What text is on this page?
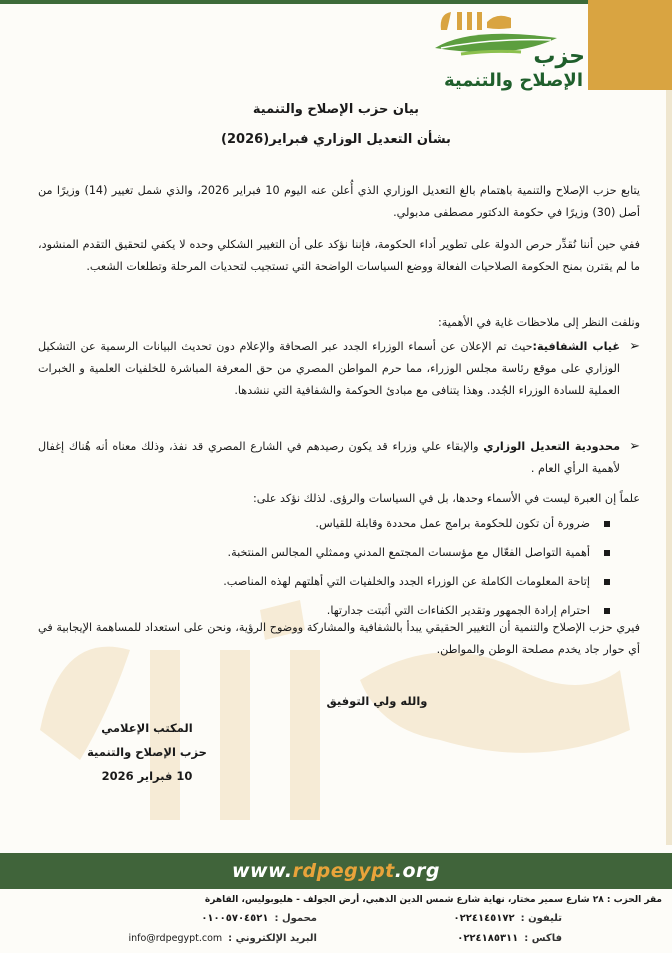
حزب
الإصلاح والتنمية
بيان حزب الإصلاح والتنمية
بشأن التعديل الوزاري فبراير(2026)
يتابع حزب الإصلاح والتنمية باهتمام بالغ التعديل الوزاري الذي أُعلن عنه اليوم 10 فبراير 2026، والذي شمل تغيير (14) وزيرًا من أصل (30) وزيرًا في حكومة الدكتور مصطفى مدبولي.
ففي حين أننا نُقدِّر حرص الدولة على تطوير أداء الحكومة، فإننا نؤكد على أن التغيير الشكلي وحده لا يكفي لتحقيق التقدم المنشود، ما لم يقترن بمنح الحكومة الصلاحيات الفعالة ووضع السياسات الواضحة التي تستجيب لتحديات المرحلة وتطلعات الشعب.
ونلفت النظر إلى ملاحظات غاية في الأهمية:
➢
غياب الشفافية:حيث تم الإعلان عن أسماء الوزراء الجدد عبر الصحافة والإعلام دون تحديث البيانات الرسمية عن التشكيل الوزاري على موقع رئاسة مجلس الوزراء، مما حرم المواطن المصري من حق المعرفة المباشرة للخلفيات العلمية و الخبرات العملية للسادة الوزراء الجُدد. وهذا يتنافى مع مبادئ الحوكمة والشفافية التي ننشدها.
➢
محدودية التعديل الوزاري والإبقاء علي وزراء قد يكون رصيدهم في الشارع المصري قد نفذ، وذلك معناه أنه هُناك إغفال لأهمية الرأي العام .
علماً إن العبرة ليست في الأسماء وحدها، بل في السياسات والرؤى. لذلك نؤكد على:
ضرورة أن تكون للحكومة برامج عمل محددة وقابلة للقياس.
أهمية التواصل الفعّال مع مؤسسات المجتمع المدني وممثلي المجالس المنتخبة.
إتاحة المعلومات الكاملة عن الوزراء الجدد والخلفيات التي أهلتهم لهذه المناصب.
احترام إرادة الجمهور وتقدير الكفاءات التي أثبتت جدارتها.
فيري حزب الإصلاح والتنمية أن التغيير الحقيقي يبدأ بالشفافية والمشاركة ووضوح الرؤية، ونحن على استعداد للمساهمة الإيجابية في أي حوار جاد يخدم مصلحة الوطن والمواطن.
والله ولي التوفيق
المكتب الإعلامي
حزب الإصلاح والتنمية
10 فبراير 2026
www.rdpegypt.org
مقر الحزب : ٢٨ شارع سمير مختار، نهاية شارع شمس الدين الذهبي، أرض الجولف - هليوبوليس، القاهرة
تليفون :٠٢٢٤١٤٥١٧٢
محمول :٠١٠٠٥٧٠٤٥٢١
فاكس :٠٢٢٤١٨٥٣١١
البريد الإلكتروني :info@rdpegypt.com
